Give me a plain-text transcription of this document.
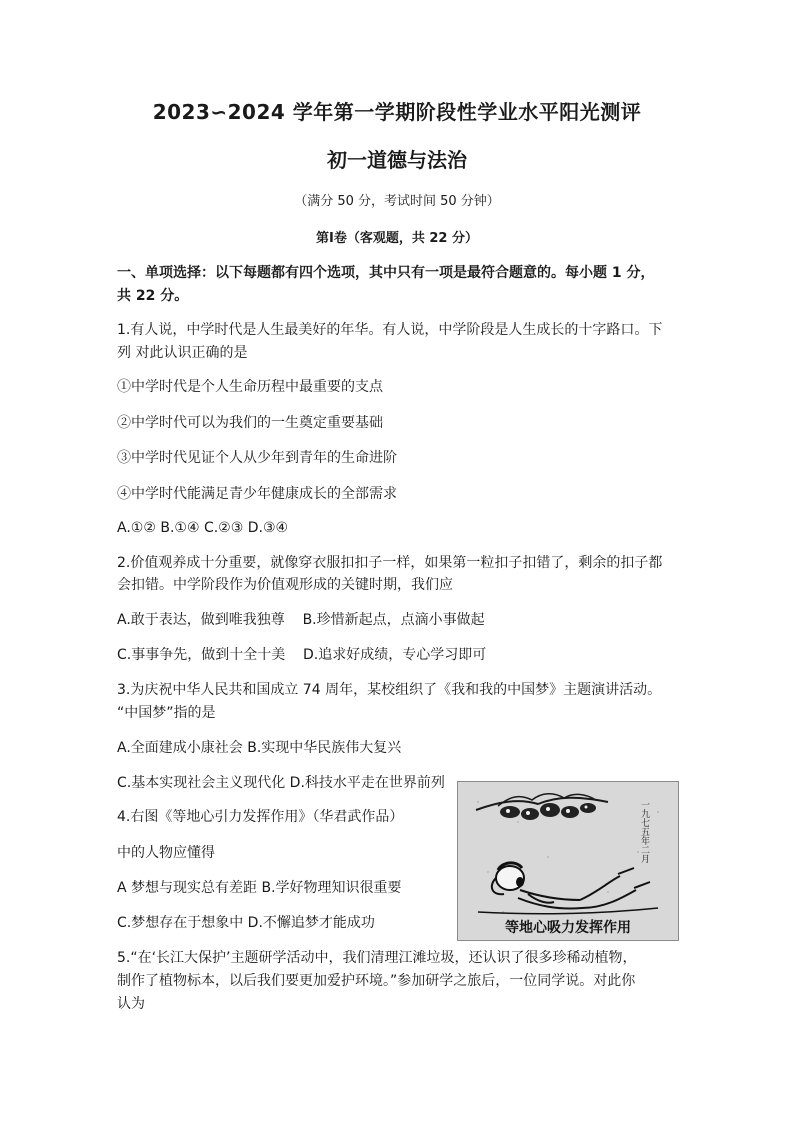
2023∽2024 学年第一学期阶段性学业水平阳光测评
初一道德与法治
（满分 50 分，考试时间 50 分钟）
第Ⅰ卷（客观题，共 22 分）
一、单项选择：以下每题都有四个选项，其中只有一项是最符合题意的。每小题 1 分，
共 22 分。
1.有人说，中学时代是人生最美好的年华。有人说，中学阶段是人生成长的十字路口。下
列 对此认识正确的是
①中学时代是个人生命历程中最重要的支点
②中学时代可以为我们的一生奠定重要基础
③中学时代见证个人从少年到青年的生命进阶
④中学时代能满足青少年健康成长的全部需求
A.①② B.①④ C.②③ D.③④
2.价值观养成十分重要，就像穿衣服扣扣子一样，如果第一粒扣子扣错了，剩余的扣子都
会扣错。中学阶段作为价值观形成的关键时期，我们应
A.敢于表达，做到唯我独尊    B.珍惜新起点，点滴小事做起
C.事事争先，做到十全十美    D.追求好成绩，专心学习即可
3.为庆祝中华人民共和国成立 74 周年，某校组织了《我和我的中国梦》主题演讲活动。
“中国梦”指的是
A.全面建成小康社会 B.实现中华民族伟大复兴
C.基本实现社会主义现代化 D.科技水平走在世界前列
4.右图《等地心引力发挥作用》（华君武作品）
中的人物应懂得
A 梦想与现实总有差距 B.学好物理知识很重要
C.梦想存在于想象中 D.不懈追梦才能成功
一九七五年二月
等地心吸力发挥作用
5.“在‘长江大保护’主题研学活动中，我们清理江滩垃圾，还认识了很多珍稀动植物，
制作了植物标本，以后我们要更加爱护环境。”参加研学之旅后，一位同学说。对此你
认为
